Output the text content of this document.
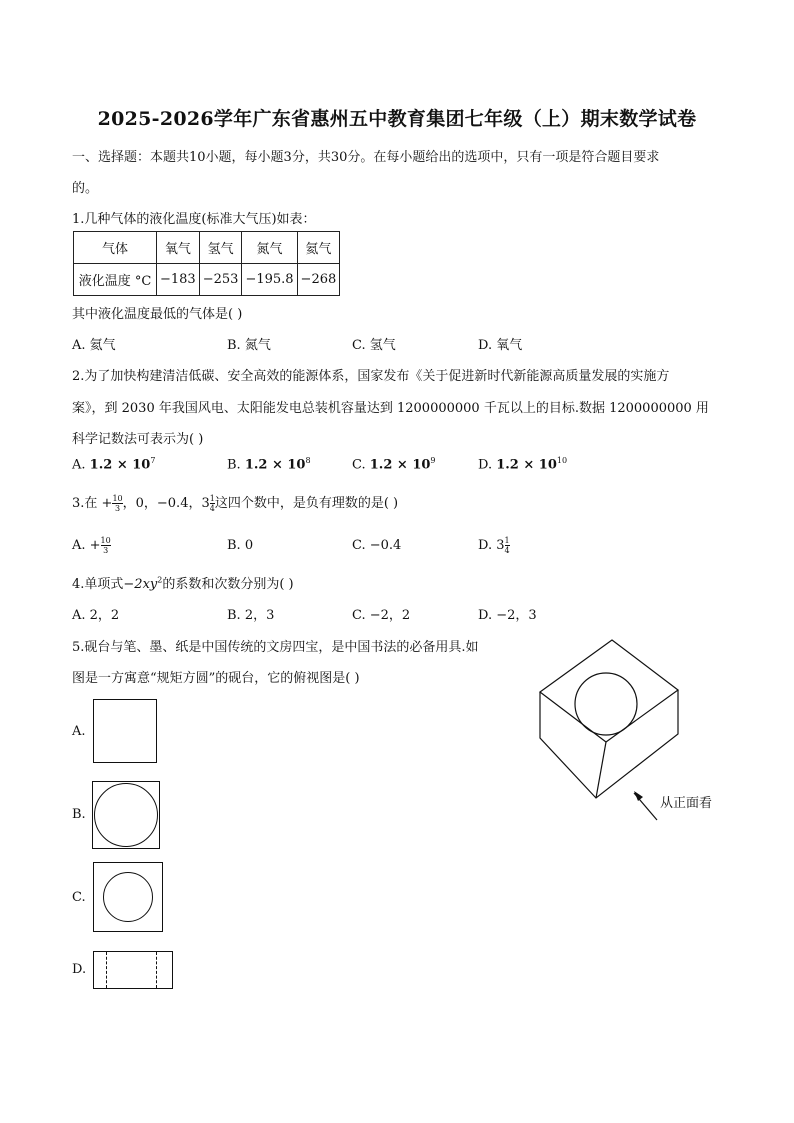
2025-2026学年广东省惠州五中教育集团七年级（上）期末数学试卷
一、选择题：本题共10小题，每小题3分，共30分。在每小题给出的选项中，只有一项是符合题目要求
的。
1.几种气体的液化温度(标准大气压)如表：
气体	氧气	氢气	氮气	氦气
液化温度 °C	−183	−253	−195.8	−268
其中液化温度最低的气体是( )
A. 氦气	B. 氮气	C. 氢气	D. 氧气
2.为了加快构建清洁低碳、安全高效的能源体系，国家发布《关于促进新时代新能源高质量发展的实施方
案》，到 2030 年我国风电、太阳能发电总装机容量达到 1200000000 千瓦以上的目标.数据 1200000000 用
科学记数法可表示为( )
A. $1.2 \times 10^7$	B. $1.2 \times 10^8$	C. $1.2 \times 10^9$	D. $1.2 \times 10^{10}$
3.在 + $\frac{10}{3}$ ，0，−0.4，$3 \frac{1}{4}$ 这四个数中，是负有理数的是( )
A. + $\frac{10}{3}$	B. 0	C. −0.4	D. $3 \frac{1}{4}$
4.单项式$-2xy^2$的系数和次数分别为( )
A. 2，2	B. 2，3	C. −2，2	D. −2，3
5.砚台与笔、墨、纸是中国传统的文房四宝，是中国书法的必备用具.如
图是一方寓意“规矩方圆”的砚台，它的俯视图是( )
A.
B.
C.
D.
从正面看
